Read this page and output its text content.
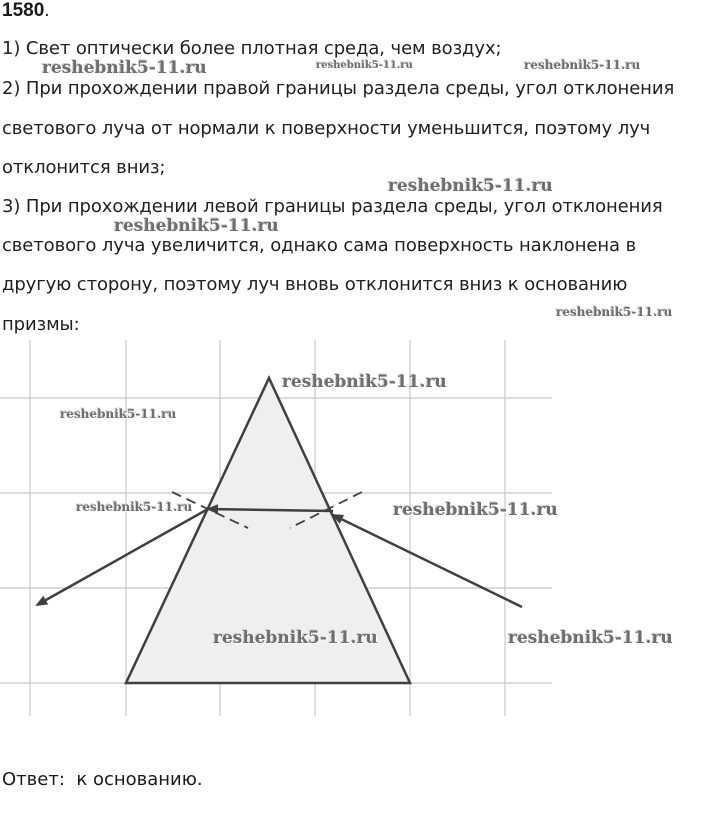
1580.
1) Свет оптически более плотная среда, чем воздух;
2) При прохождении правой границы раздела среды, угол отклонения
светового луча от нормали к поверхности уменьшится, поэтому луч
отклонится вниз;
3) При прохождении левой границы раздела среды, угол отклонения
светового луча увеличится, однако сама поверхность наклонена в
другую сторону, поэтому луч вновь отклонится вниз к основанию
призмы:
reshebnik5-11.ru	reshebnik5-11.ru	reshebnik5-11.ru
reshebnik5-11.ru
reshebnik5-11.ru
reshebnik5-11.ru
reshebnik5-11.ru
reshebnik5-11.ru
reshebnik5-11.ru	reshebnik5-11.ru
reshebnik5-11.ru	reshebnik5-11.ru
Ответ: к основанию.
